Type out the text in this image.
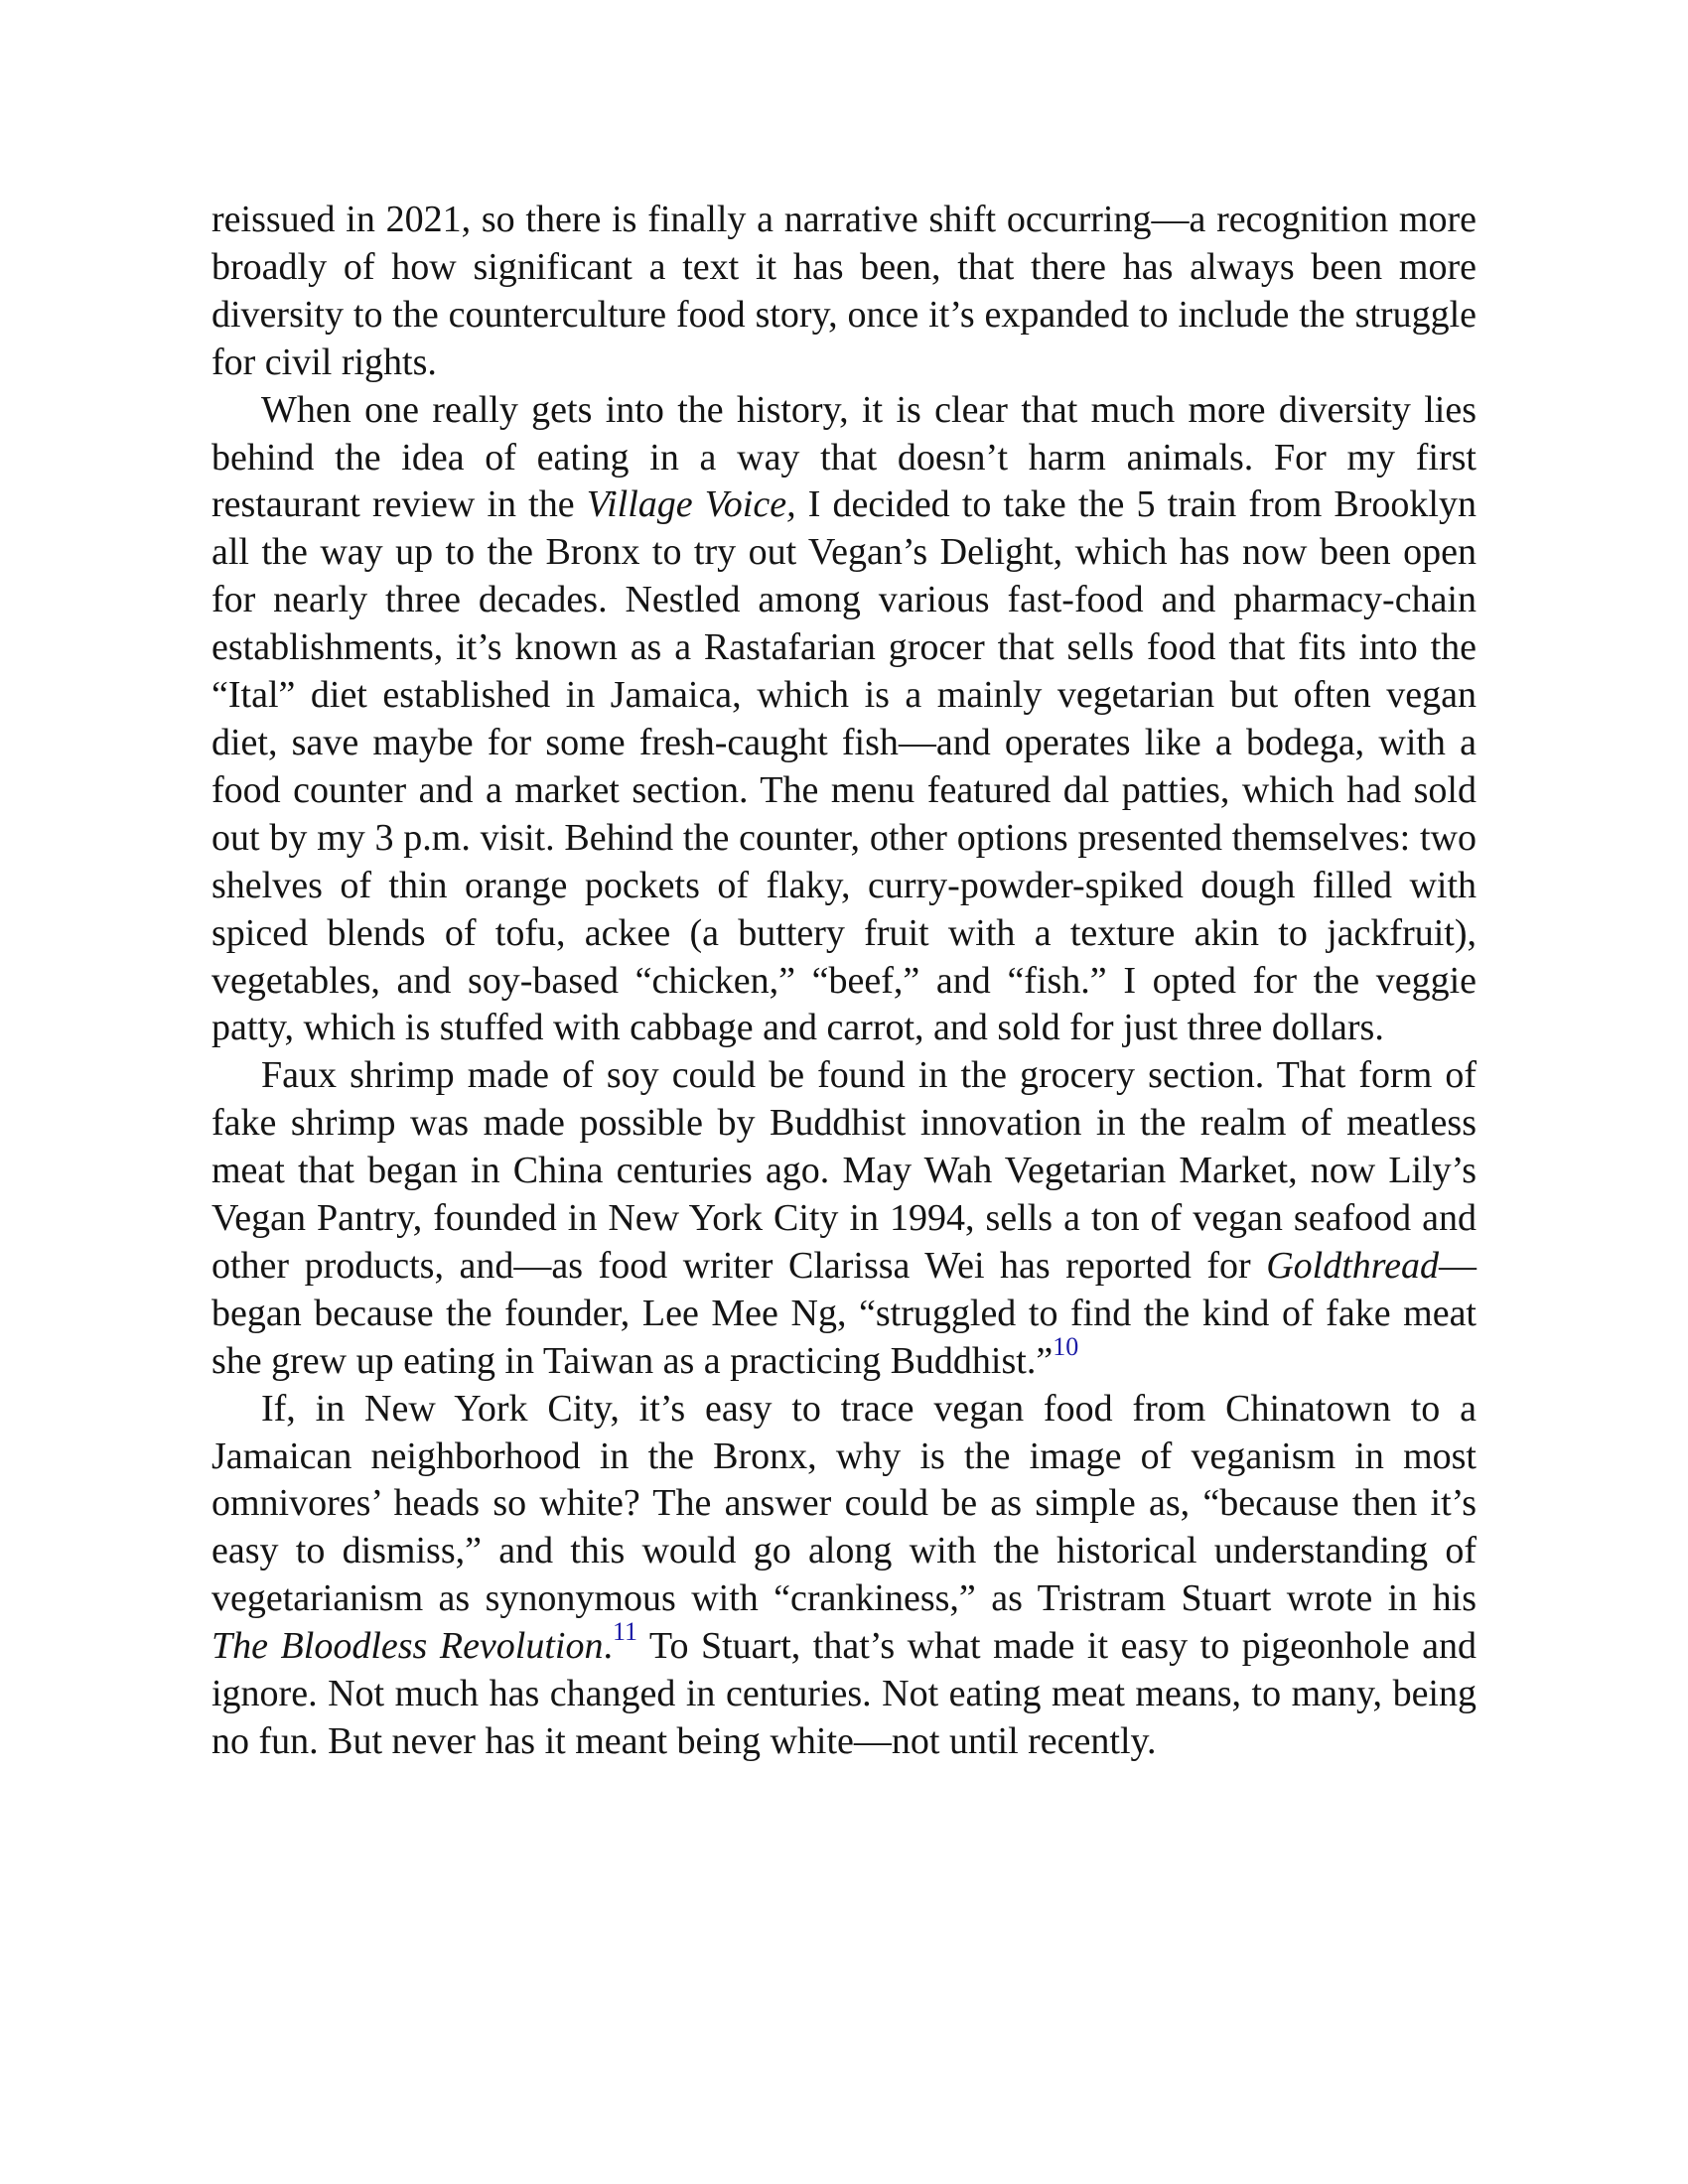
reissued in 2021, so there is finally a narrative shift occurring—a recognition more broadly of how significant a text it has been, that there has always been more diversity to the counterculture food story, once it’s expanded to include the struggle for civil rights.

When one really gets into the history, it is clear that much more diversity lies behind the idea of eating in a way that doesn’t harm animals. For my first restaurant review in the Village Voice, I decided to take the 5 train from Brooklyn all the way up to the Bronx to try out Vegan’s Delight, which has now been open for nearly three decades. Nestled among various fast-food and pharmacy-chain establishments, it’s known as a Rastafarian grocer that sells food that fits into the “Ital” diet established in Jamaica, which is a mainly vegetarian but often vegan diet, save maybe for some fresh-caught fish—and operates like a bodega, with a food counter and a market section. The menu featured dal patties, which had sold out by my 3 p.m. visit. Behind the counter, other options presented themselves: two shelves of thin orange pockets of flaky, curry-powder-spiked dough filled with spiced blends of tofu, ackee (a buttery fruit with a texture akin to jackfruit), vegetables, and soy-based “chicken,” “beef,” and “fish.” I opted for the veggie patty, which is stuffed with cabbage and carrot, and sold for just three dollars.

Faux shrimp made of soy could be found in the grocery section. That form of fake shrimp was made possible by Buddhist innovation in the realm of meatless meat that began in China centuries ago. May Wah Vegetarian Market, now Lily’s Vegan Pantry, founded in New York City in 1994, sells a ton of vegan seafood and other products, and—as food writer Clarissa Wei has reported for Goldthread—began because the founder, Lee Mee Ng, “struggled to find the kind of fake meat she grew up eating in Taiwan as a practicing Buddhist.”$^{10}$

If, in New York City, it’s easy to trace vegan food from Chinatown to a Jamaican neighborhood in the Bronx, why is the image of veganism in most omnivores’ heads so white? The answer could be as simple as, “because then it’s easy to dismiss,” and this would go along with the historical understanding of vegetarianism as synonymous with “crankiness,” as Tristram Stuart wrote in his The Bloodless Revolution.$^{11}$ To Stuart, that’s what made it easy to pigeonhole and ignore. Not much has changed in centuries. Not eating meat means, to many, being no fun. But never has it meant being white—not until recently.
